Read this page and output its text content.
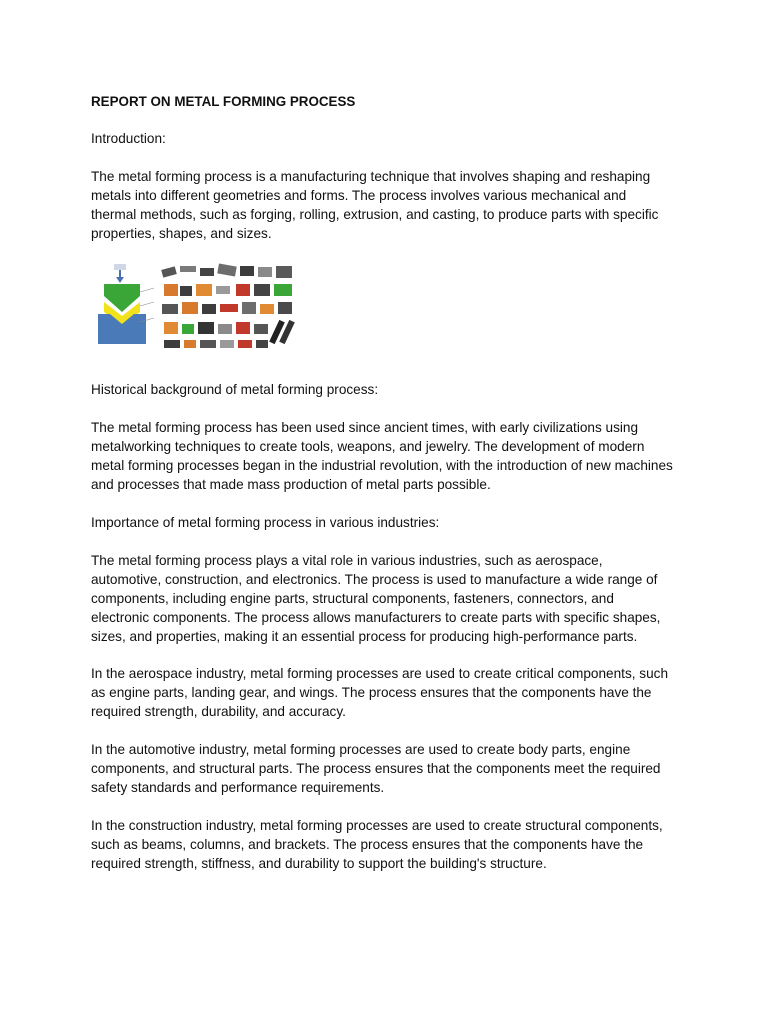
REPORT ON METAL FORMING PROCESS
Introduction:
The metal forming process is a manufacturing technique that involves shaping and reshaping
metals into different geometries and forms. The process involves various mechanical and
thermal methods, such as forging, rolling, extrusion, and casting, to produce parts with specific
properties, shapes, and sizes.
Historical background of metal forming process:
The metal forming process has been used since ancient times, with early civilizations using
metalworking techniques to create tools, weapons, and jewelry. The development of modern
metal forming processes began in the industrial revolution, with the introduction of new machines
and processes that made mass production of metal parts possible.
Importance of metal forming process in various industries:
The metal forming process plays a vital role in various industries, such as aerospace,
automotive, construction, and electronics. The process is used to manufacture a wide range of
components, including engine parts, structural components, fasteners, connectors, and
electronic components. The process allows manufacturers to create parts with specific shapes,
sizes, and properties, making it an essential process for producing high-performance parts.
In the aerospace industry, metal forming processes are used to create critical components, such
as engine parts, landing gear, and wings. The process ensures that the components have the
required strength, durability, and accuracy.
In the automotive industry, metal forming processes are used to create body parts, engine
components, and structural parts. The process ensures that the components meet the required
safety standards and performance requirements.
In the construction industry, metal forming processes are used to create structural components,
such as beams, columns, and brackets. The process ensures that the components have the
required strength, stiffness, and durability to support the building's structure.
